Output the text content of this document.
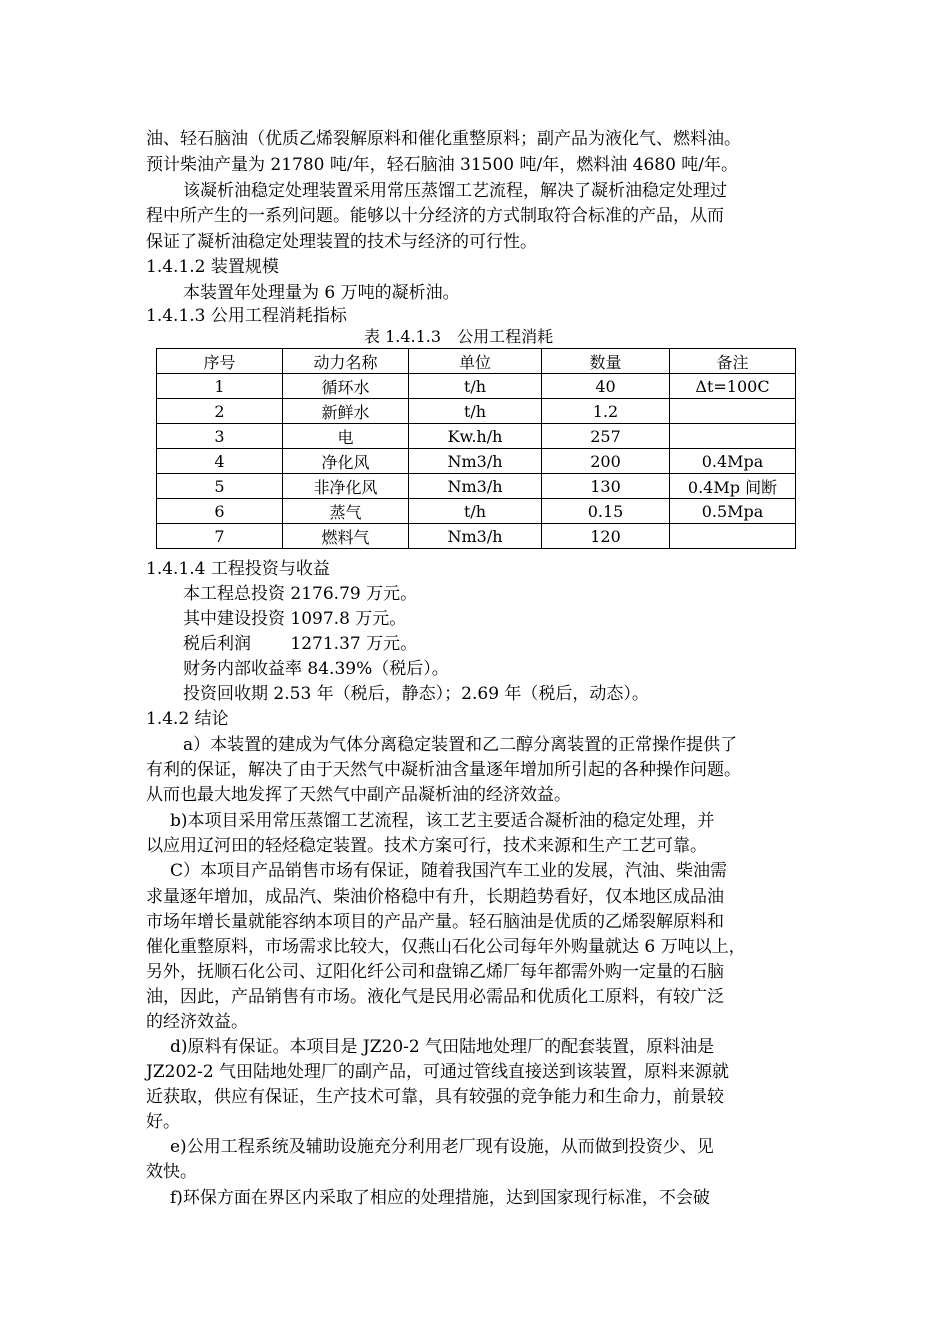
油、轻石脑油（优质乙烯裂解原料和催化重整原料；副产品为液化气、燃料油。
预计柴油产量为 21780 吨/年，轻石脑油 31500 吨/年，燃料油 4680 吨/年。
该凝析油稳定处理装置采用常压蒸馏工艺流程，解决了凝析油稳定处理过
程中所产生的一系列问题。能够以十分经济的方式制取符合标准的产品，从而
保证了凝析油稳定处理装置的技术与经济的可行性。
1.4.1.2 装置规模
本装置年处理量为 6 万吨的凝析油。
1.4.1.3 公用工程消耗指标
表 1.4.1.3　公用工程消耗
序号	动力名称	单位	数量	备注
1	循环水	t/h	40	Δt=100C
2	新鲜水	t/h	1.2	
3	电	Kw.h/h	257	
4	净化风	Nm3/h	200	0.4Mpa
5	非净化风	Nm3/h	130	0.4Mp 间断
6	蒸气	t/h	0.15	0.5Mpa
7	燃料气	Nm3/h	120	
1.4.1.4 工程投资与收益
本工程总投资 2176.79 万元。
其中建设投资 1097.8 万元。
税后利润　　 1271.37 万元。
财务内部收益率 84.39%（税后）。
投资回收期 2.53 年（税后，静态）；2.69 年（税后，动态）。
1.4.2 结论
a）本装置的建成为气体分离稳定装置和乙二醇分离装置的正常操作提供了
有利的保证，解决了由于天然气中凝析油含量逐年增加所引起的各种操作问题。
从而也最大地发挥了天然气中副产品凝析油的经济效益。
b)本项目采用常压蒸馏工艺流程，该工艺主要适合凝析油的稳定处理，并
以应用辽河田的轻烃稳定装置。技术方案可行，技术来源和生产工艺可靠。
C）本项目产品销售市场有保证，随着我国汽车工业的发展，汽油、柴油需
求量逐年增加，成品汽、柴油价格稳中有升，长期趋势看好，仅本地区成品油
市场年增长量就能容纳本项目的产品产量。轻石脑油是优质的乙烯裂解原料和
催化重整原料，市场需求比较大，仅燕山石化公司每年外购量就达 6 万吨以上，
另外，抚顺石化公司、辽阳化纤公司和盘锦乙烯厂每年都需外购一定量的石脑
油，因此，产品销售有市场。液化气是民用必需品和优质化工原料，有较广泛
的经济效益。
d)原料有保证。本项目是 JZ20-2 气田陆地处理厂的配套装置，原料油是
JZ202-2 气田陆地处理厂的副产品，可通过管线直接送到该装置，原料来源就
近获取，供应有保证，生产技术可靠，具有较强的竞争能力和生命力，前景较
好。
e)公用工程系统及辅助设施充分利用老厂现有设施，从而做到投资少、见
效快。
f)环保方面在界区内采取了相应的处理措施，达到国家现行标准，不会破
